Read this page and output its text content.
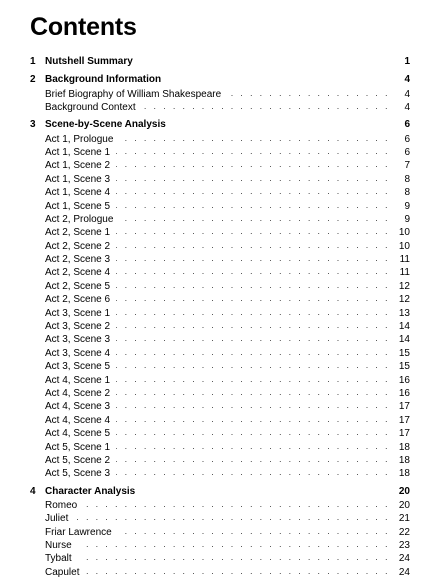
Contents
1 Nutshell Summary	1
2 Background Information	4
Brief Biography of William Shakespeare . . .	4
Background Context . . .	4
3 Scene-by-Scene Analysis	6
Act 1, Prologue . . .	6
Act 1, Scene 1 . . .	6
Act 1, Scene 2 . . .	7
Act 1, Scene 3 . . .	8
Act 1, Scene 4 . . .	8
Act 1, Scene 5 . . .	9
Act 2, Prologue . . .	9
Act 2, Scene 1 . . .	10
Act 2, Scene 2 . . .	10
Act 2, Scene 3 . . .	11
Act 2, Scene 4 . . .	11
Act 2, Scene 5 . . .	12
Act 2, Scene 6 . . .	12
Act 3, Scene 1 . . .	13
Act 3, Scene 2 . . .	14
Act 3, Scene 3 . . .	14
Act 3, Scene 4 . . .	15
Act 3, Scene 5 . . .	15
Act 4, Scene 1 . . .	16
Act 4, Scene 2 . . .	16
Act 4, Scene 3 . . .	17
Act 4, Scene 4 . . .	17
Act 4, Scene 5 . . .	17
Act 5, Scene 1 . . .	18
Act 5, Scene 2 . . .	18
Act 5, Scene 3 . . .	18
4 Character Analysis	20
Romeo . . .	20
Juliet . . .	21
Friar Lawrence . . .	22
Nurse . . .	23
Tybalt . . .	24
Capulet . . .	24
